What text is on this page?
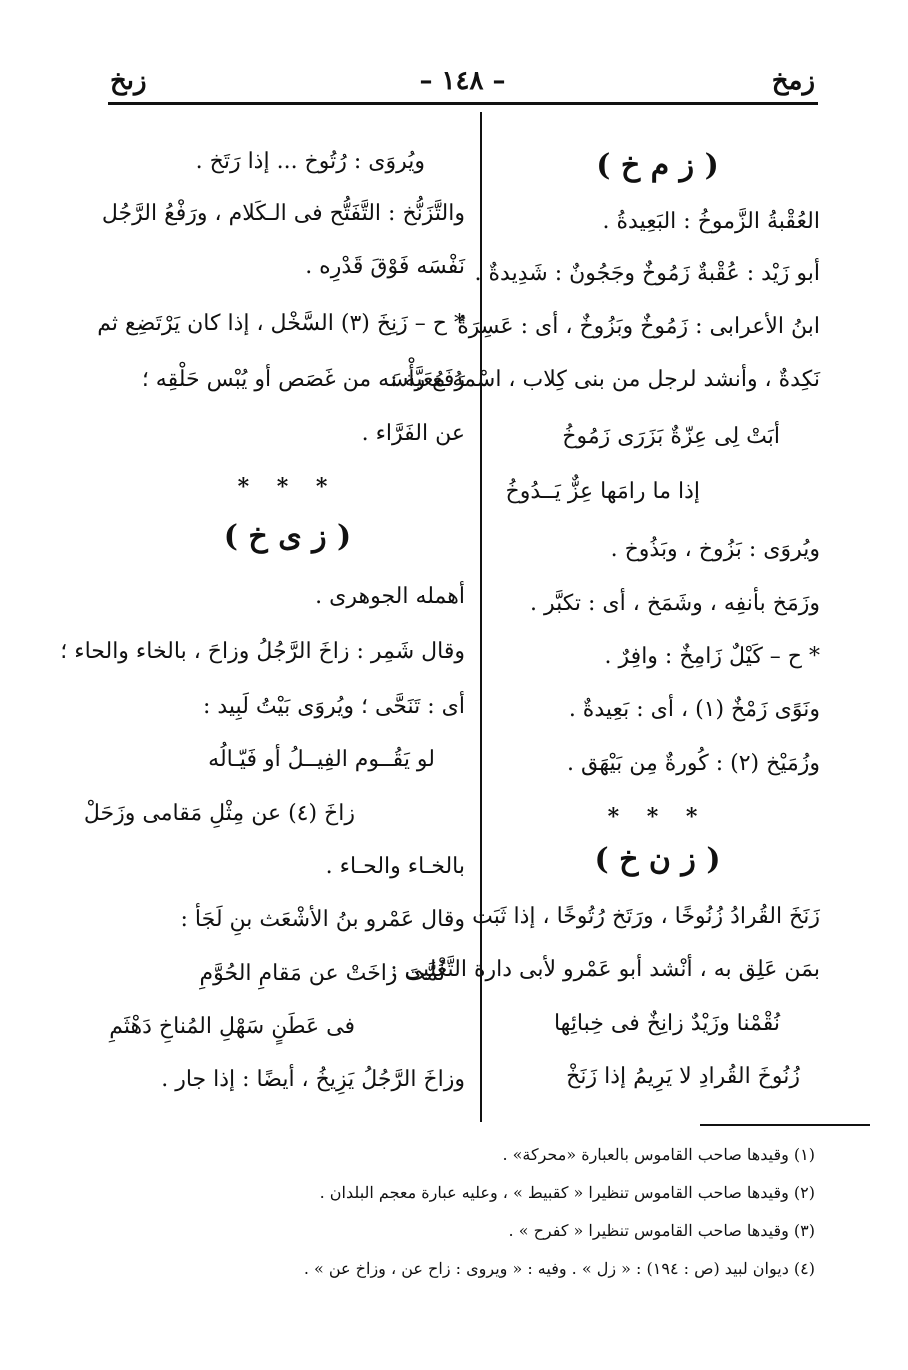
زمخ
– ١٤٨ –
زىخ
( ز م خ )
العُقْبةُ الزَّموخُ : البَعِيدةُ .
أبو زَيْد : عُقْبةٌ زَمُوخٌ وجَجُونٌ : شَدِيدةٌ .
ابنُ الأعرابى : زَمُوخٌ وبَزُوخٌ ، أى : عَسِرَةٌ
نَكِدةٌ ، وأنشد لرجل من بنى كِلاب ، اسْمهُ مُعَيَّة :
أبَتْ لِى عِزّةٌ بَزَرَى زَمُوخُ
إذا ما رامَها عِزٌّ يَــدُوخُ
ويُروَى : بَزُوخ ، وبَذُوخ .
وزَمَخ بأنفِه ، وشَمَخ ، أى : تكبَّر .
* ح – كَيْلٌ زَامِخٌ : وافِرٌ .
ونَوًى زَمْخٌ (١) ، أى : بَعِيدةٌ .
وزُمَيْخ (٢) : كُورةٌ مِن بَيْهَق .
* * *
( ز ن خ )
زَنَخَ القُرادُ زُنُوخًا ، ورَتَخ رُتُوخًا ، إذا ثَبَت
بمَن عَلِق به ، أنْشد أبو عَمْرو لأبى دارة التَّغْلبى :
نُقْمْنا وزَيْدٌ زانِخٌ فى خِبائِها
زُنُوخَ القُرادِ لا يَرِيمُ إذا زَنَخْ
ويُروَى : رُتُوخ ... إذا رَتَخ .
والتَّزَنُّخ : التَّفَتُّح فى الـكَلام ، ورَفْعُ الرَّجُل
نَفْسَه فَوْقَ قَدْرِه .
* ح – زَنِخَ (٣) السَّخْل ، إذا كان يَرْتَضِع ثم
رَفَع رأْسَه من غَصَص أو يُبْس حَلْقِه ؛
عن الفَرَّاء .
* * *
( ز ى خ )
أهمله الجوهرى .
وقال شَمِر : زاخَ الرَّجُلُ وزاحَ ، بالخاء والحاء ؛
أى : تَنَحَّى ؛ ويُروَى بَيْتُ لَبِيد :
لو يَقُــوم الفِيــلُ أو فَيّـالُه
زاخَ (٤) عن مِثْلِ مَقامى وزَحَلْ
بالخـاء والحـاء .
وقال عَمْرو بنُ الأشْعَث بنِ لَجَأ :
ثُمَّتَ زاخَتْ عن مَقامِ الحُوَّمِ
فى عَطَنٍ سَهْلِ المُناخِ دَهْثَمِ
وزاخَ الرَّجُلُ يَزِيخُ ، أيضًا : إذا جار .
(١) وقيدها صاحب القاموس بالعبارة «محركة» .
(٢) وقيدها صاحب القاموس تنظيرا « كقبيط » ، وعليه عبارة معجم البلدان .
(٣) وقيدها صاحب القاموس تنظيرا « كفرح » .
(٤) ديوان لبيد (ص : ١٩٤) : « زل » . وفيه : « ويروى : زاح عن ، وزاخ عن » .
